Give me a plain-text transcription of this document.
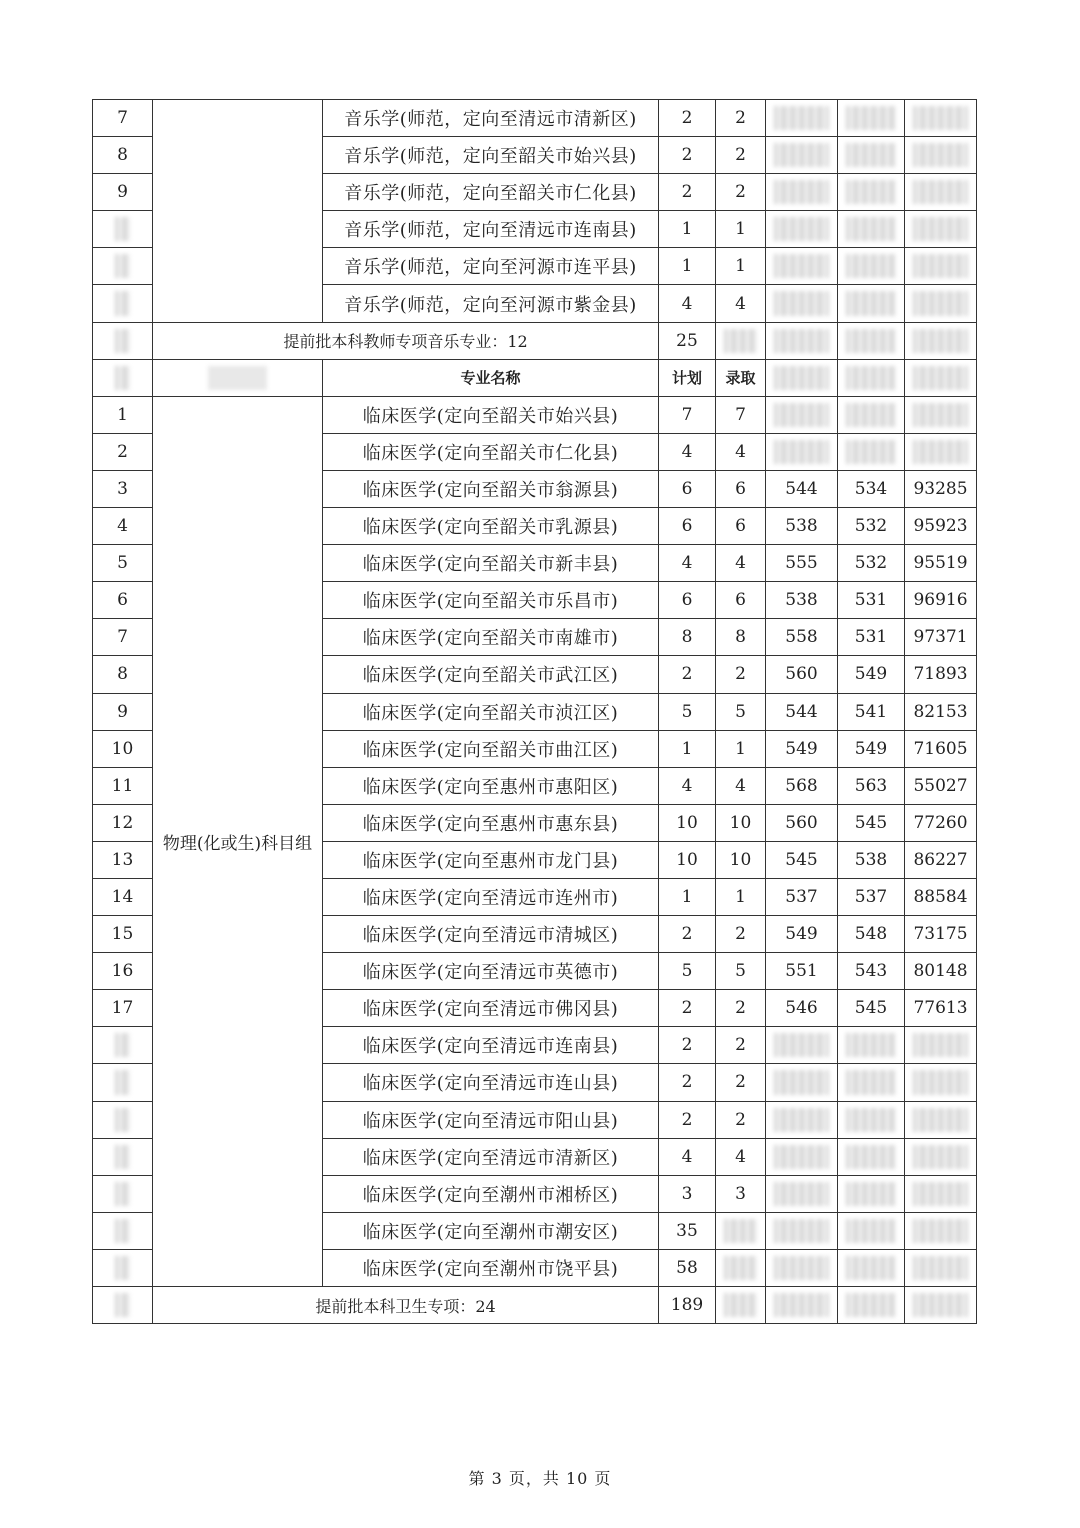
7		音乐学(师范，定向至清远市清新区)	2	2			
8		音乐学(师范，定向至韶关市始兴县)	2	2			
9		音乐学(师范，定向至韶关市仁化县)	2	2			
		音乐学(师范，定向至清远市连南县)	1	1			
		音乐学(师范，定向至河源市连平县)	1	1			
		音乐学(师范，定向至河源市紫金县)	4	4			
	提前批本科教师专项音乐专业：12		25				
		专业名称	计划	录取			
1	物理(化或生)科目组	临床医学(定向至韶关市始兴县)	7	7			
2		临床医学(定向至韶关市仁化县)	4	4			
3		临床医学(定向至韶关市翁源县)	6	6	544	534	93285
4		临床医学(定向至韶关市乳源县)	6	6	538	532	95923
5		临床医学(定向至韶关市新丰县)	4	4	555	532	95519
6		临床医学(定向至韶关市乐昌市)	6	6	538	531	96916
7		临床医学(定向至韶关市南雄市)	8	8	558	531	97371
8		临床医学(定向至韶关市武江区)	2	2	560	549	71893
9		临床医学(定向至韶关市浈江区)	5	5	544	541	82153
10		临床医学(定向至韶关市曲江区)	1	1	549	549	71605
11		临床医学(定向至惠州市惠阳区)	4	4	568	563	55027
12		临床医学(定向至惠州市惠东县)	10	10	560	545	77260
13		临床医学(定向至惠州市龙门县)	10	10	545	538	86227
14		临床医学(定向至清远市连州市)	1	1	537	537	88584
15		临床医学(定向至清远市清城区)	2	2	549	548	73175
16		临床医学(定向至清远市英德市)	5	5	551	543	80148
17		临床医学(定向至清远市佛冈县)	2	2	546	545	77613
		临床医学(定向至清远市连南县)	2	2			
		临床医学(定向至清远市连山县)	2	2			
		临床医学(定向至清远市阳山县)	2	2			
		临床医学(定向至清远市清新区)	4	4			
		临床医学(定向至潮州市湘桥区)	3	3			
		临床医学(定向至潮州市潮安区)	35				
		临床医学(定向至潮州市饶平县)	58				
	提前批本科卫生专项：24		189				
第 3 页，共 10 页
